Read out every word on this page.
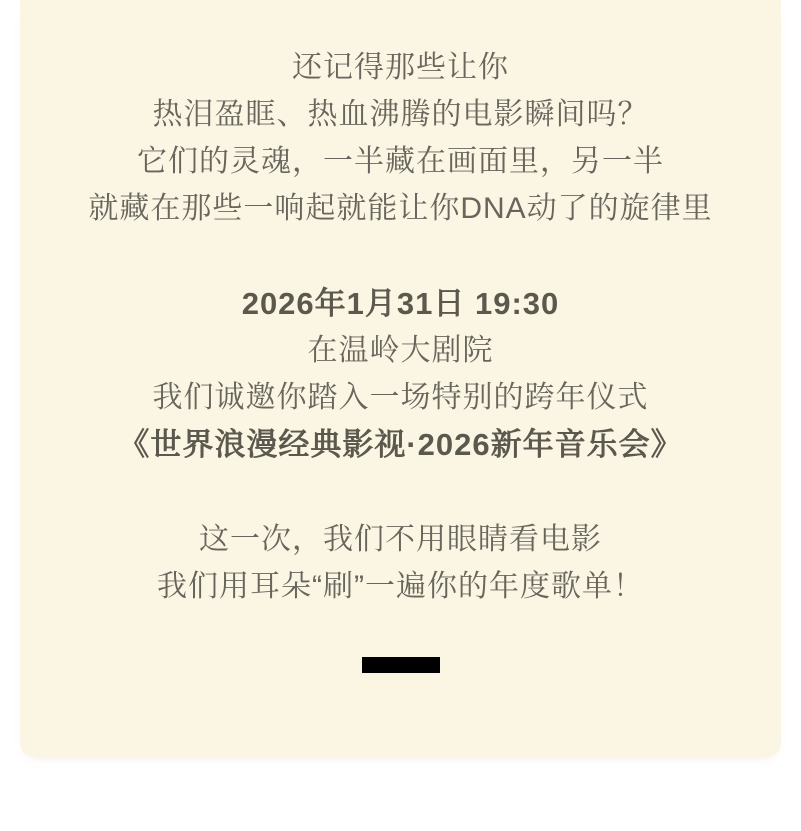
还记得那些让你

热泪盈眶、热血沸腾的电影瞬间吗？

它们的灵魂，一半藏在画面里，另一半

就藏在那些一响起就能让你DNA动了的旋律里

2026年1月31日 19:30

在温岭大剧院

我们诚邀你踏入一场特别的跨年仪式

《世界浪漫经典影视·2026新年音乐会》

这一次，我们不用眼睛看电影

我们用耳朵“刷”一遍你的年度歌单！
